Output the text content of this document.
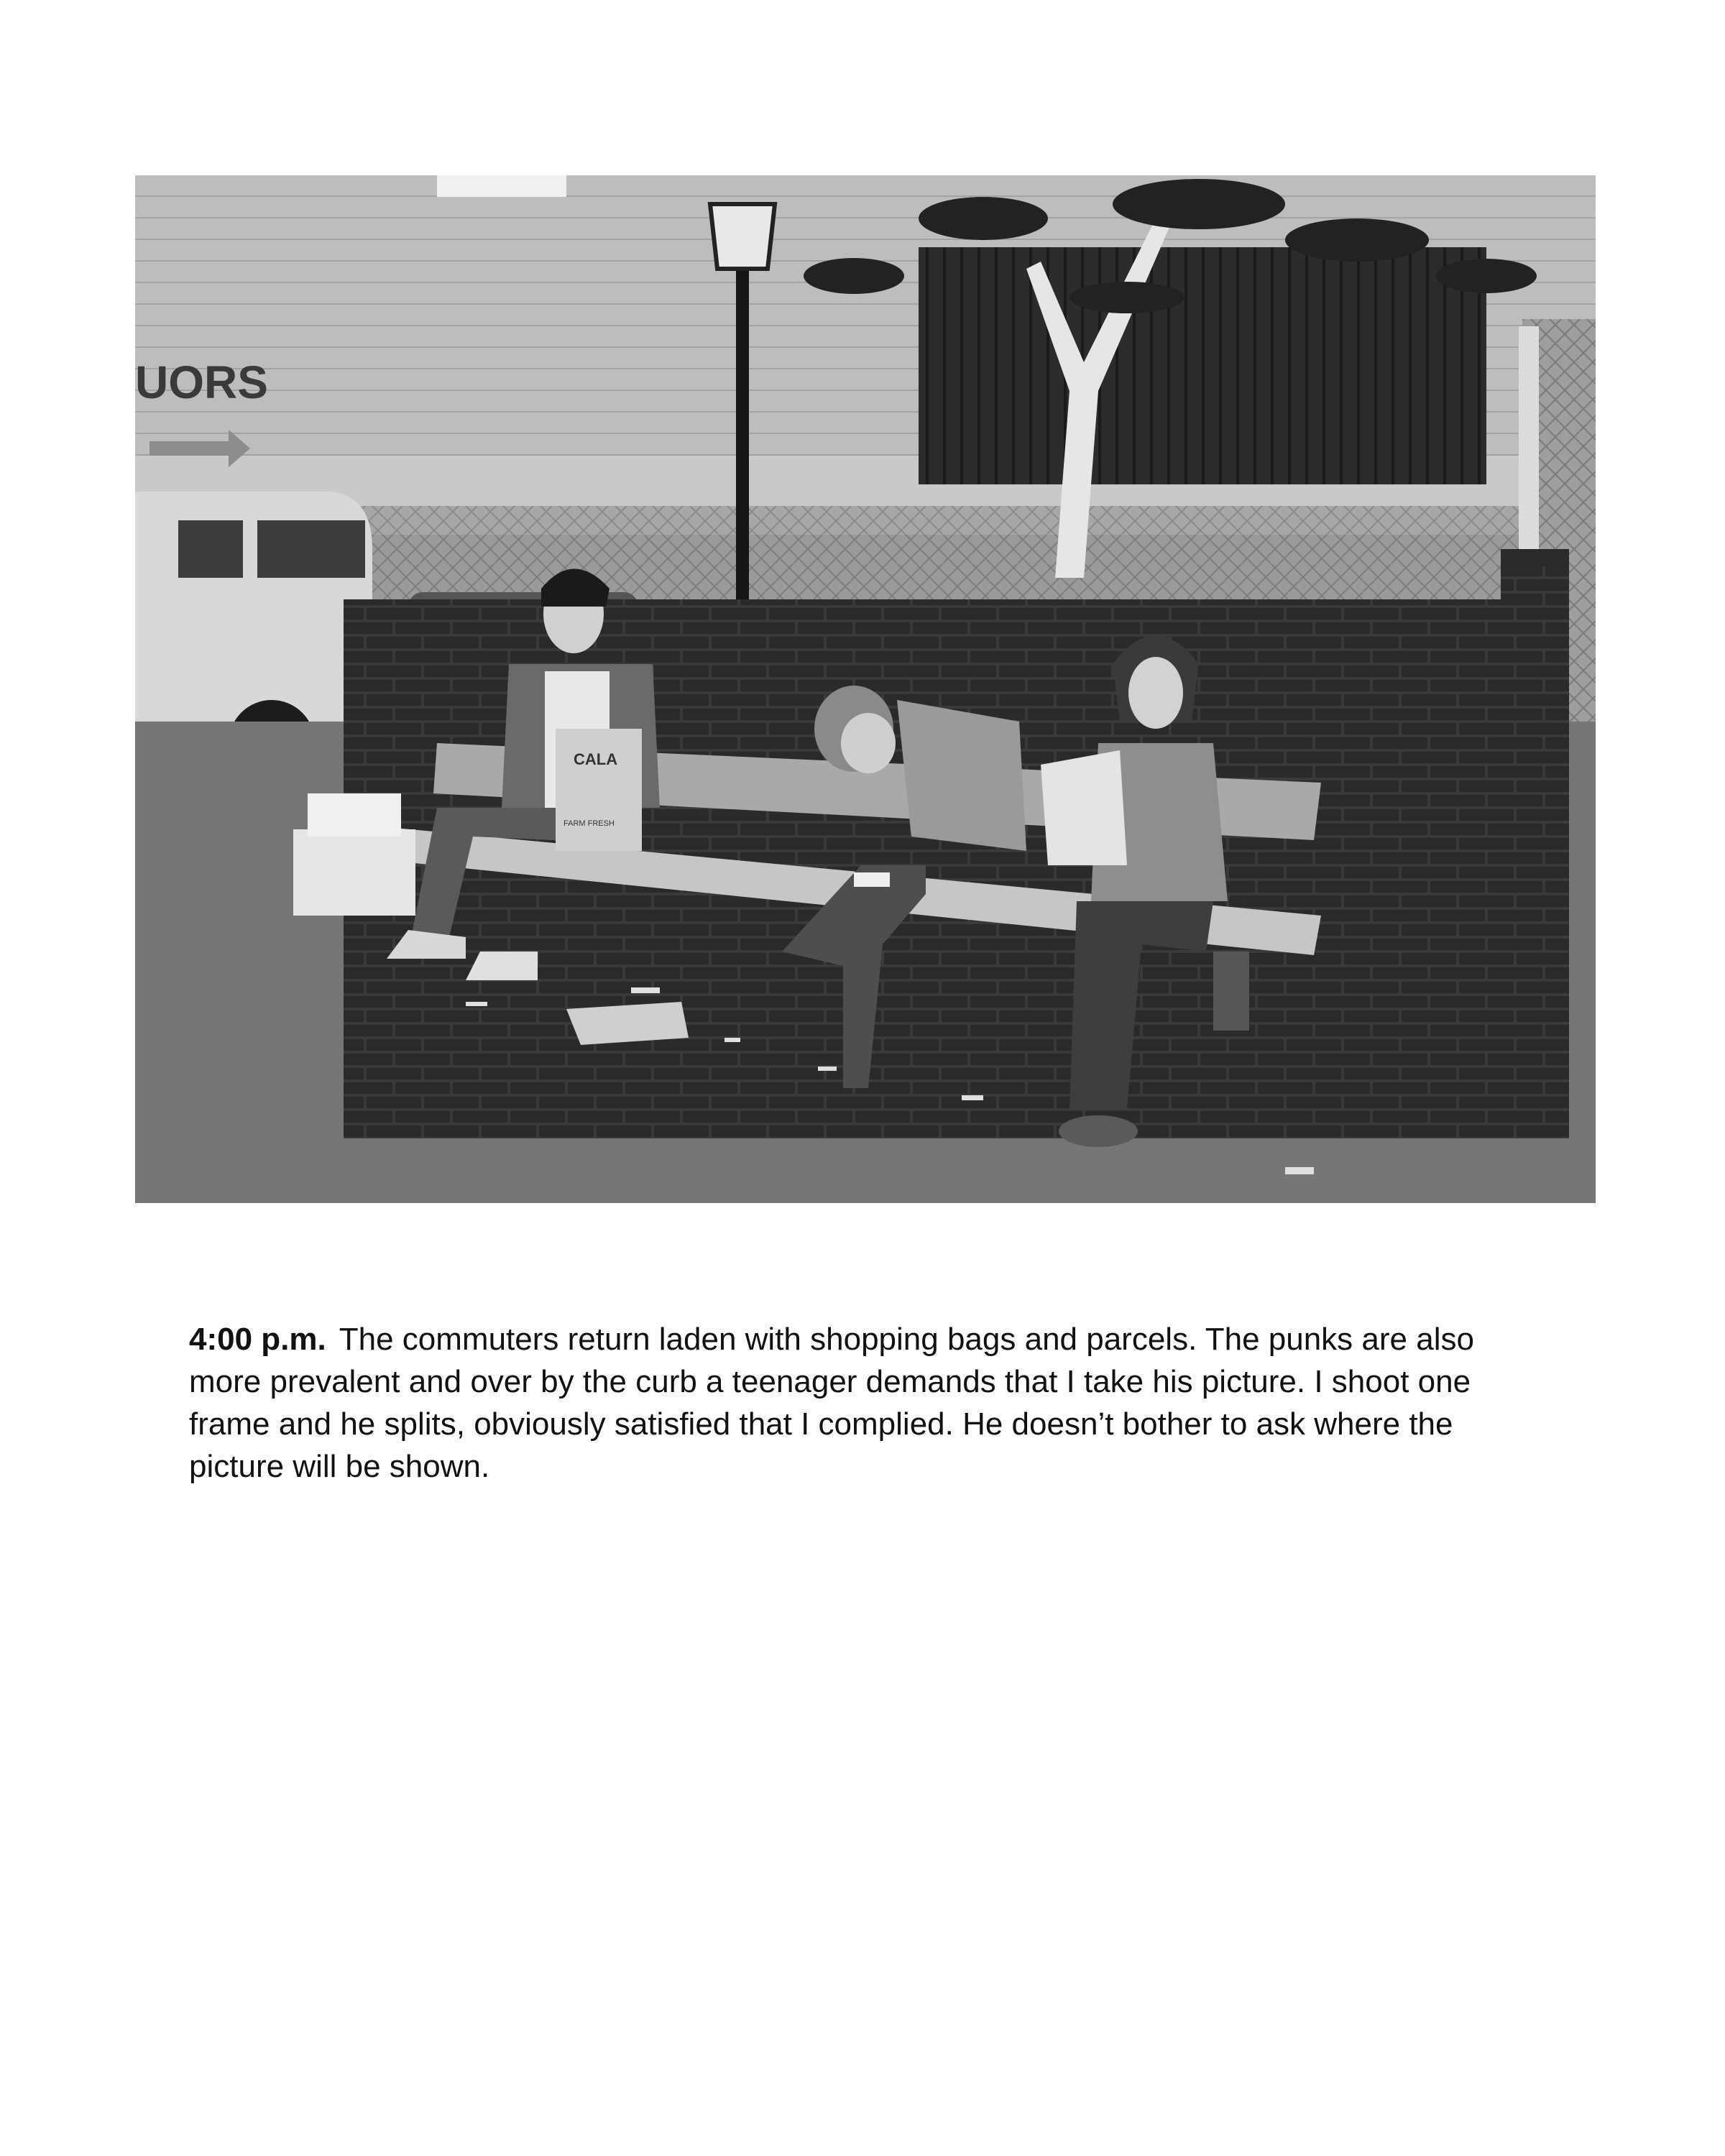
UORS
CALA
FARM FRESH
4:00 p.m. The commuters return laden with shopping bags and parcels. The punks are also more prevalent and over by the curb a teenager demands that I take his picture. I shoot one frame and he splits, obviously satisfied that I complied. He doesn’t bother to ask where the picture will be shown.
